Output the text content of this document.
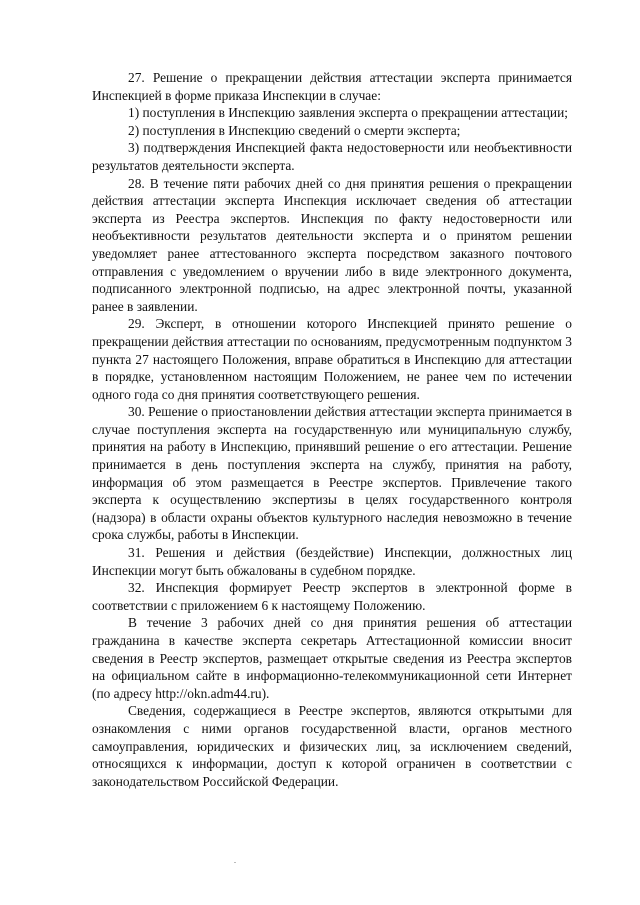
27. Решение о прекращении действия аттестации эксперта принимается Инспекцией в форме приказа Инспекции в случае:

1) поступления в Инспекцию заявления эксперта о прекращении аттестации;

2) поступления в Инспекцию сведений о смерти эксперта;

3) подтверждения Инспекцией факта недостоверности или необъективности результатов деятельности эксперта.

28. В течение пяти рабочих дней со дня принятия решения о прекращении действия аттестации эксперта Инспекция исключает сведения об аттестации эксперта из Реестра экспертов. Инспекция по факту недостоверности или необъективности результатов деятельности эксперта и о принятом решении уведомляет ранее аттестованного эксперта посредством заказного почтового отправления с уведомлением о вручении либо в виде электронного документа, подписанного электронной подписью, на адрес электронной почты, указанной ранее в заявлении.

29. Эксперт, в отношении которого Инспекцией принято решение о прекращении действия аттестации по основаниям, предусмотренным подпунктом 3 пункта 27 настоящего Положения, вправе обратиться в Инспекцию для аттестации в порядке, установленном настоящим Положением, не ранее чем по истечении одного года со дня принятия соответствующего решения.

30. Решение о приостановлении действия аттестации эксперта принимается в случае поступления эксперта на государственную или муниципальную службу, принятия на работу в Инспекцию, принявший решение о его аттестации. Решение принимается в день поступления эксперта на службу, принятия на работу, информация об этом размещается в Реестре экспертов. Привлечение такого эксперта к осуществлению экспертизы в целях государственного контроля (надзора) в области охраны объектов культурного наследия невозможно в течение срока службы, работы в Инспекции.

31. Решения и действия (бездействие) Инспекции, должностных лиц Инспекции могут быть обжалованы в судебном порядке.

32. Инспекция формирует Реестр экспертов в электронной форме в соответствии с приложением 6 к настоящему Положению.

В течение 3 рабочих дней со дня принятия решения об аттестации гражданина в качестве эксперта секретарь Аттестационной комиссии вносит сведения в Реестр экспертов, размещает открытые сведения из Реестра экспертов на официальном сайте в информационно-телекоммуникационной сети Интернет (по адресу http://okn.adm44.ru).

Сведения, содержащиеся в Реестре экспертов, являются открытыми для ознакомления с ними органов государственной власти, органов местного самоуправления, юридических и физических лиц, за исключением сведений, относящихся к информации, доступ к которой ограничен в соответствии с законодательством Российской Федерации.
